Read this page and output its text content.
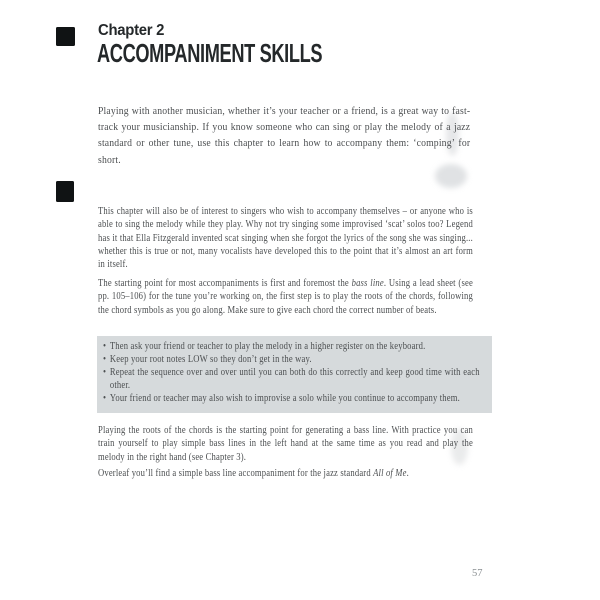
Chapter 2
ACCOMPANIMENT SKILLS

Playing with another musician, whether it’s your teacher or a friend, is a great way to fast-track your musicianship. If you know someone who can sing or play the melody of a jazz standard or other tune, use this chapter to learn how to accompany them: ‘comping’ for short.

This chapter will also be of interest to singers who wish to accompany themselves – or anyone who is able to sing the melody while they play. Why not try singing some improvised ‘scat’ solos too? Legend has it that Ella Fitzgerald invented scat singing when she forgot the lyrics of the song she was singing... whether this is true or not, many vocalists have developed this to the point that it’s almost an art form in itself.

The starting point for most accompaniments is first and foremost the bass line. Using a lead sheet (see pp. 105–106) for the tune you’re working on, the first step is to play the roots of the chords, following the chord symbols as you go along. Make sure to give each chord the correct number of beats.

• Then ask your friend or teacher to play the melody in a higher register on the keyboard.
• Keep your root notes LOW so they don’t get in the way.
• Repeat the sequence over and over until you can both do this correctly and keep good time with each other.
• Your friend or teacher may also wish to improvise a solo while you continue to accompany them.

Playing the roots of the chords is the starting point for generating a bass line. With practice you can train yourself to play simple bass lines in the left hand at the same time as you read and play the melody in the right hand (see Chapter 3).

Overleaf you’ll find a simple bass line accompaniment for the jazz standard All of Me.

57
